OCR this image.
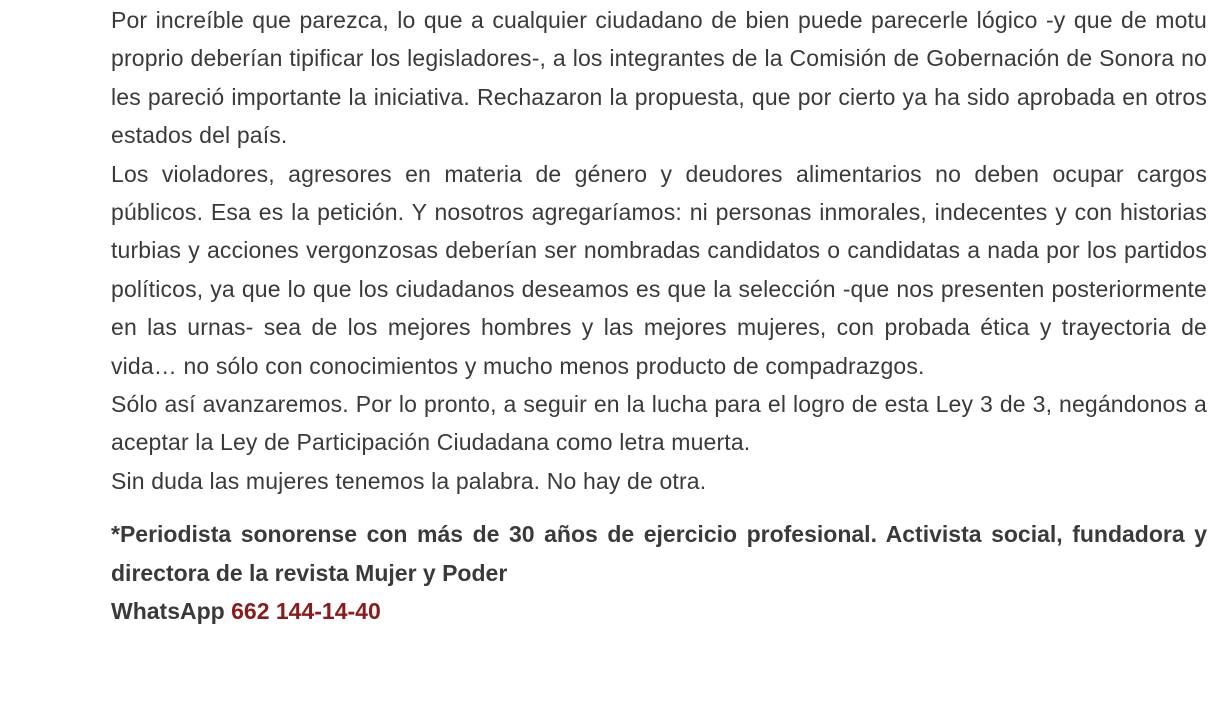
Por increíble que parezca, lo que a cualquier ciudadano de bien puede parecerle lógico -y que de motu proprio deberían tipificar los legisladores-, a los integrantes de la Comisión de Gobernación de Sonora no les pareció importante la iniciativa. Rechazaron la propuesta, que por cierto ya ha sido aprobada en otros estados del país.

Los violadores, agresores en materia de género y deudores alimentarios no deben ocupar cargos públicos. Esa es la petición. Y nosotros agregaríamos: ni personas inmorales, indecentes y con historias turbias y acciones vergonzosas deberían ser nombradas candidatos o candidatas a nada por los partidos políticos, ya que lo que los ciudadanos deseamos es que la selección -que nos presenten posteriormente en las urnas- sea de los mejores hombres y las mejores mujeres, con probada ética y trayectoria de vida… no sólo con conocimientos y mucho menos producto de compadrazgos.

Sólo así avanzaremos. Por lo pronto, a seguir en la lucha para el logro de esta Ley 3 de 3, negándonos a aceptar la Ley de Participación Ciudadana como letra muerta.

Sin duda las mujeres tenemos la palabra. No hay de otra.

*Periodista sonorense con más de 30 años de ejercicio profesional. Activista social, fundadora y directora de la revista Mujer y Poder
WhatsApp 662 144-14-40
